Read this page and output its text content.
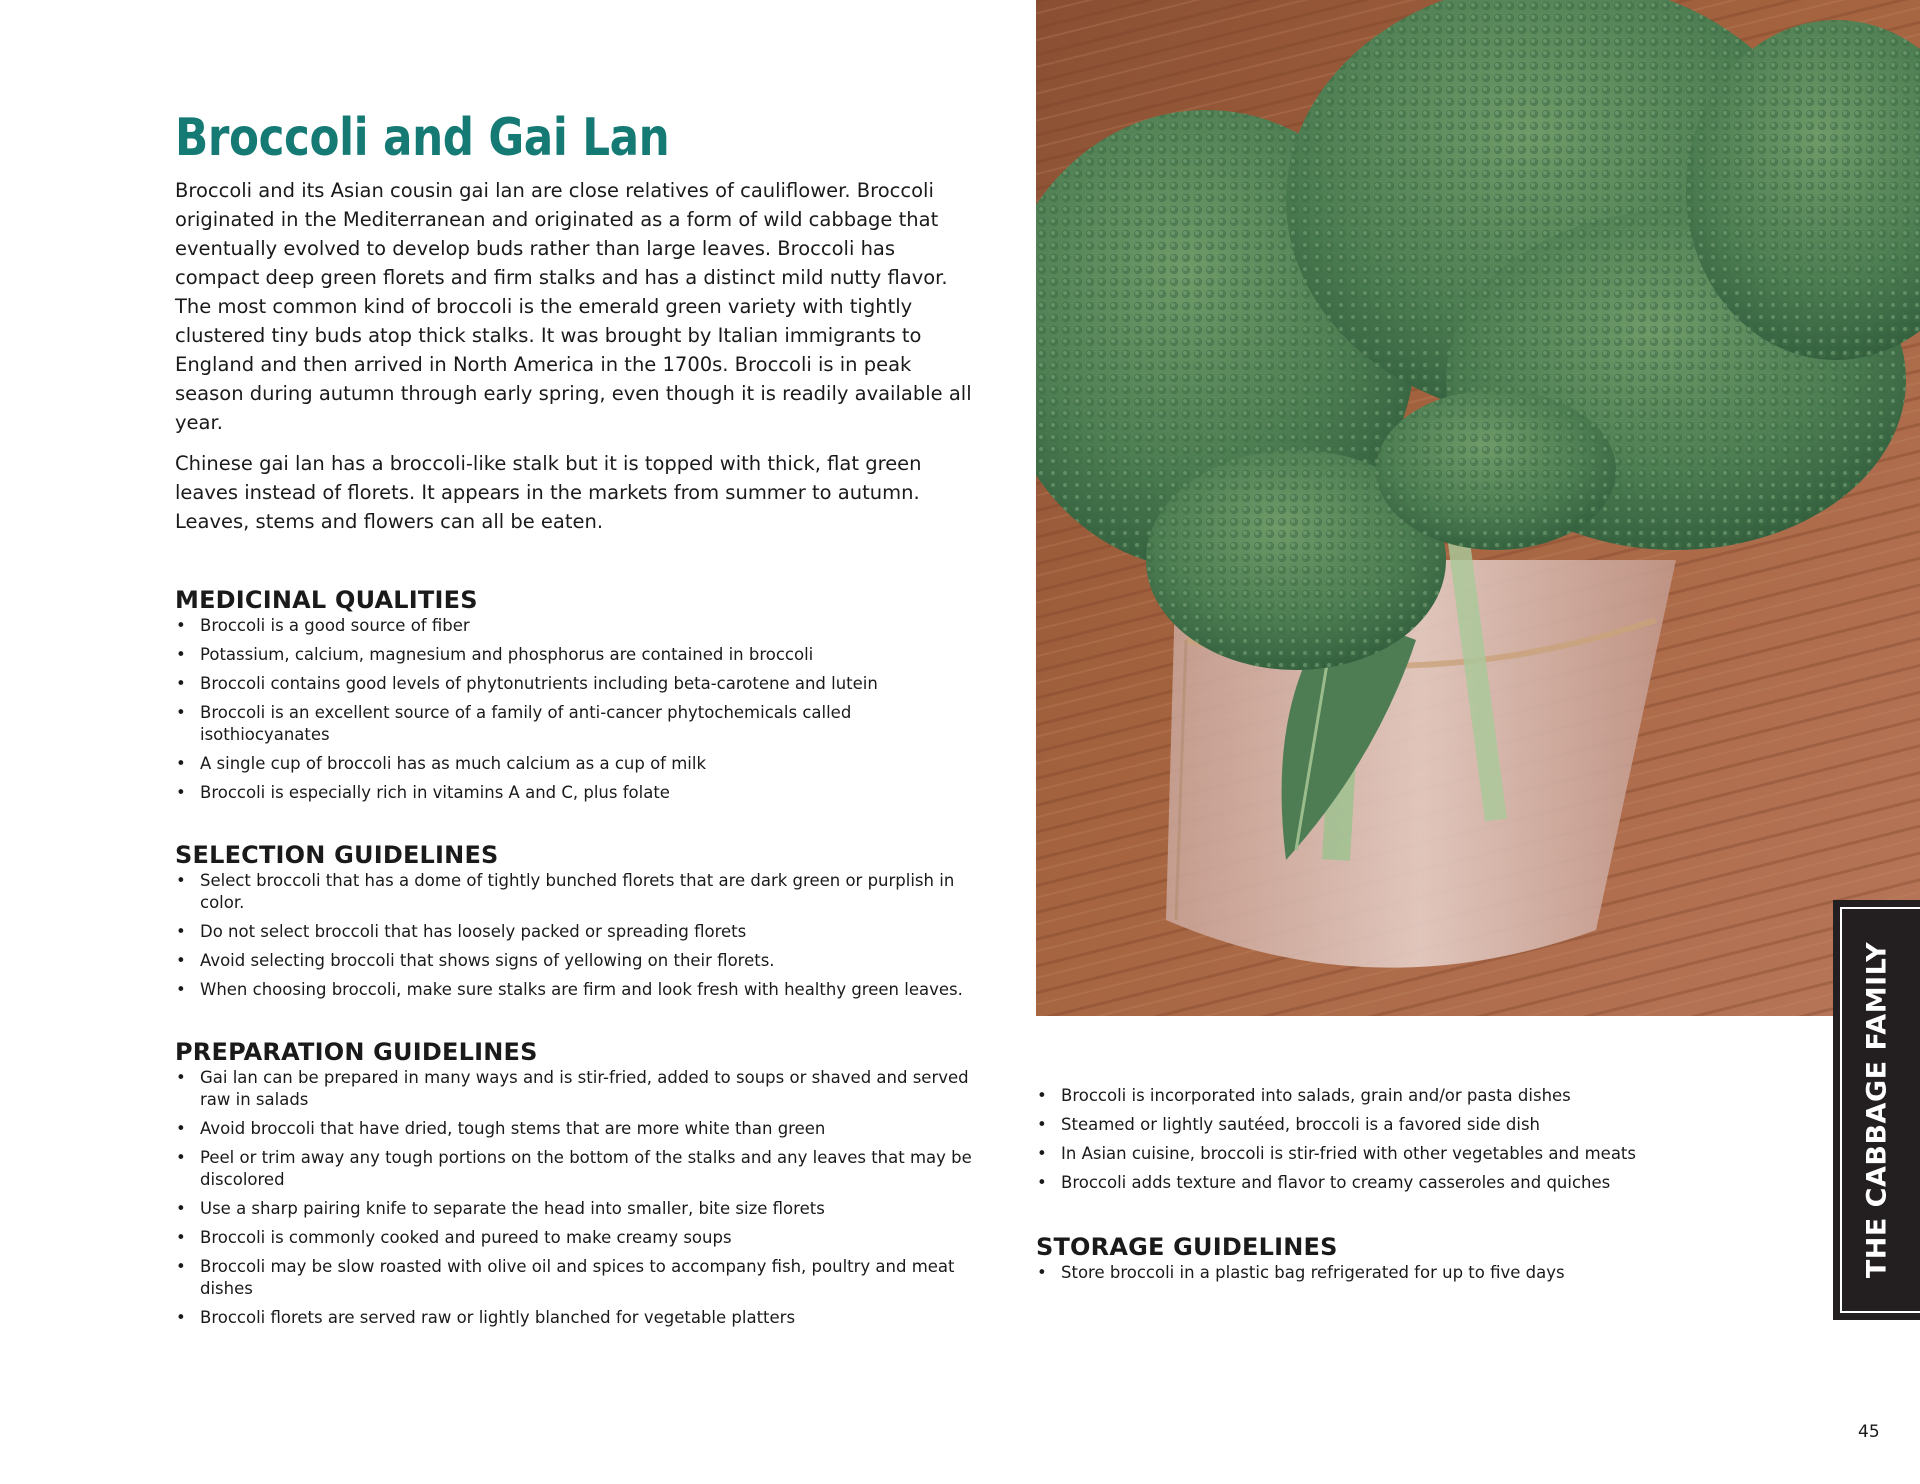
Broccoli and Gai Lan

Broccoli and its Asian cousin gai lan are close relatives of cauliflower. Broccoli originated in the Mediterranean and originated as a form of wild cabbage that eventually evolved to develop buds rather than large leaves. Broccoli has compact deep green florets and firm stalks and has a distinct mild nutty flavor. The most common kind of broccoli is the emerald green variety with tightly clustered tiny buds atop thick stalks. It was brought by Italian immigrants to England and then arrived in North America in the 1700s. Broccoli is in peak season during autumn through early spring, even though it is readily available all year.

Chinese gai lan has a broccoli-like stalk but it is topped with thick, flat green leaves instead of florets. It appears in the markets from summer to autumn. Leaves, stems and flowers can all be eaten.

MEDICINAL QUALITIES
• Broccoli is a good source of fiber
• Potassium, calcium, magnesium and phosphorus are contained in broccoli
• Broccoli contains good levels of phytonutrients including beta-carotene and lutein
• Broccoli is an excellent source of a family of anti-cancer phytochemicals called isothiocyanates
• A single cup of broccoli has as much calcium as a cup of milk
• Broccoli is especially rich in vitamins A and C, plus folate
SELECTION GUIDELINES
• Select broccoli that has a dome of tightly bunched florets that are dark green or purplish in color.
• Do not select broccoli that has loosely packed or spreading florets
• Avoid selecting broccoli that shows signs of yellowing on their florets.
• When choosing broccoli, make sure stalks are firm and look fresh with healthy green leaves.
PREPARATION GUIDELINES
• Gai lan can be prepared in many ways and is stir-fried, added to soups or shaved and served raw in salads
• Avoid broccoli that have dried, tough stems that are more white than green
• Peel or trim away any tough portions on the bottom of the stalks and any leaves that may be discolored
• Use a sharp pairing knife to separate the head into smaller, bite size florets
• Broccoli is commonly cooked and pureed to make creamy soups
• Broccoli may be slow roasted with olive oil and spices to accompany fish, poultry and meat dishes
• Broccoli florets are served raw or lightly blanched for vegetable platters
• Broccoli is incorporated into salads, grain and/or pasta dishes
• Steamed or lightly sautéed, broccoli is a favored side dish
• In Asian cuisine, broccoli is stir-fried with other vegetables and meats
• Broccoli adds texture and flavor to creamy casseroles and quiches
STORAGE GUIDELINES
• Store broccoli in a plastic bag refrigerated for up to five days	THE CABBAGE FAMILY
45
